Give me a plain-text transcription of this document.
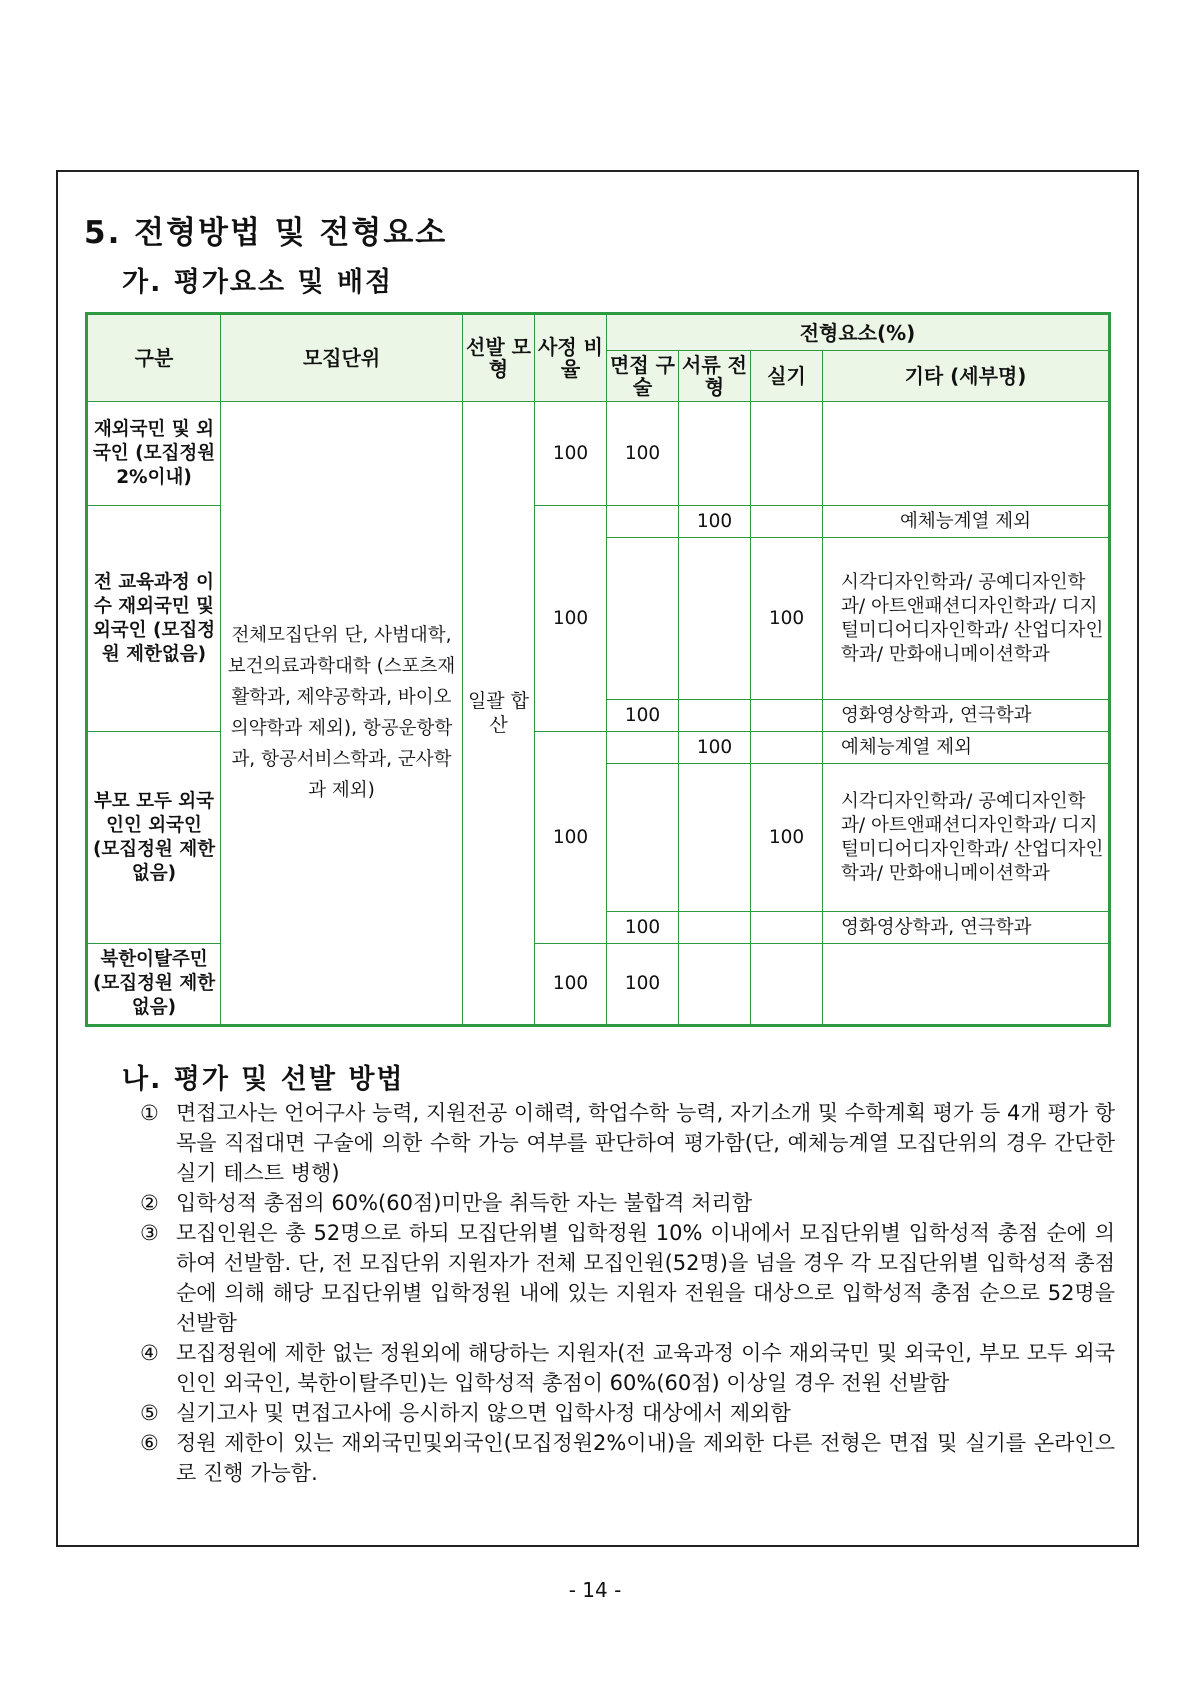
5. 전형방법 및 전형요소
가. 평가요소 및 배점
구분	모집단위	선발 모형	사정 비율	전형요소(%)			
				면접 구술	서류 전형	실기	기타 (세부명)
재외국민 및 외국인 (모집정원 2%이내)	전체모집단위 단, 사범대학, 보건의료과학대학 (스포츠재활학과, 제약공학과, 바이오의약학과 제외), 항공운항학과, 항공서비스학과, 군사학과 제외)	일괄 합산	100	100			
전 교육과정 이수 재외국민 및 외국인 (모집정원 제한없음)			100		100		예체능계열 제외
						100	시각디자인학과/ 공예디자인학과/ 아트앤패션디자인학과/ 디지털미디어디자인학과/ 산업디자인학과/ 만화애니메이션학과
				100			영화영상학과, 연극학과
부모 모두 외국인인 외국인 (모집정원 제한없음)			100		100		예체능계열 제외
						100	시각디자인학과/ 공예디자인학과/ 아트앤패션디자인학과/ 디지털미디어디자인학과/ 산업디자인학과/ 만화애니메이션학과
				100			영화영상학과, 연극학과
북한이탈주민 (모집정원 제한없음)			100	100			
나. 평가 및 선발 방법
① 면접고사는 언어구사 능력, 지원전공 이해력, 학업수학 능력, 자기소개 및 수학계획 평가 등 4개 평가 항목을 직접대면 구술에 의한 수학 가능 여부를 판단하여 평가함(단, 예체능계열 모집단위의 경우 간단한 실기 테스트 병행)
② 입학성적 총점의 60%(60점)미만을 취득한 자는 불합격 처리함
③ 모집인원은 총 52명으로 하되 모집단위별 입학정원 10% 이내에서 모집단위별 입학성적 총점 순에 의하여 선발함. 단, 전 모집단위 지원자가 전체 모집인원(52명)을 넘을 경우 각 모집단위별 입학성적 총점 순에 의해 해당 모집단위별 입학정원 내에 있는 지원자 전원을 대상으로 입학성적 총점 순으로 52명을 선발함
④ 모집정원에 제한 없는 정원외에 해당하는 지원자(전 교육과정 이수 재외국민 및 외국인, 부모 모두 외국인인 외국인, 북한이탈주민)는 입학성적 총점이 60%(60점) 이상일 경우 전원 선발함
⑤ 실기고사 및 면접고사에 응시하지 않으면 입학사정 대상에서 제외함
⑥ 정원 제한이 있는 재외국민및외국인(모집정원2%이내)을 제외한 다른 전형은 면접 및 실기를 온라인으로 진행 가능함.
- 14 -
